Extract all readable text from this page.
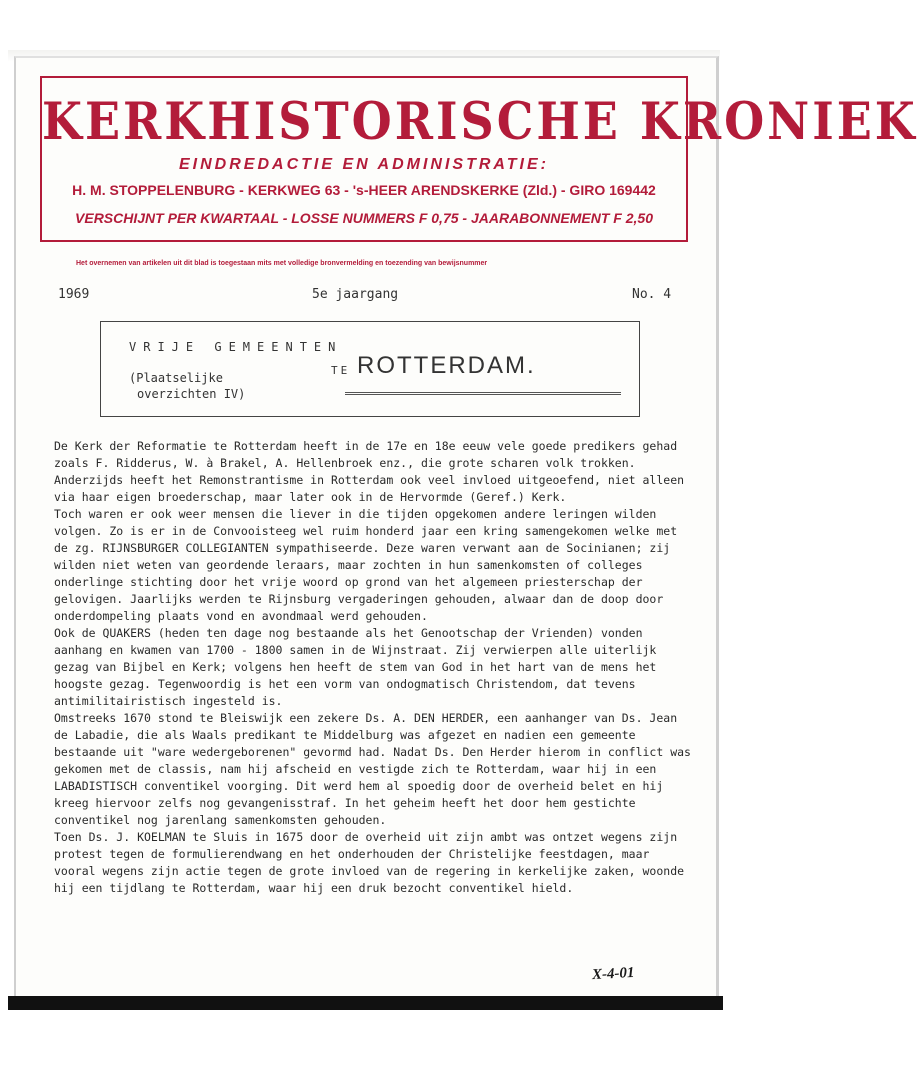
KERKHISTORISCHE KRONIEK
EINDREDACTIE EN ADMINISTRATIE:
H. M. STOPPELENBURG - KERKWEG 63 - 's-HEER ARENDSKERKE (Zld.) - GIRO 169442
VERSCHIJNT PER KWARTAAL - LOSSE NUMMERS F 0,75 - JAARABONNEMENT F 2,50
Het overnemen van artikelen uit dit blad is toegestaan mits met volledige bronvermelding en toezending van bewijsnummer
1969	5e jaargang	No. 4
VRIJE GEMEENTEN
TE ROTTERDAM.
(Plaatselijke
overzichten IV)

De Kerk der Reformatie te Rotterdam heeft in de 17e en 18e eeuw vele goede predikers gehad zoals F. Ridderus, W. à Brakel, A. Hellenbroek enz., die grote scharen volk trokken. Anderzijds heeft het Remonstrantisme in Rotterdam ook veel invloed uitgeoefend, niet alleen via haar eigen broederschap, maar later ook in de Hervormde (Geref.) Kerk.

Toch waren er ook weer mensen die liever in die tijden opgekomen andere leringen wilden volgen. Zo is er in de Convooisteeg wel ruim honderd jaar een kring samengekomen welke met de zg. RIJNSBURGER COLLEGIANTEN sympathiseerde. Deze waren verwant aan de Socinianen; zij wilden niet weten van geordende leraars, maar zochten in hun samenkomsten of colleges onderlinge stichting door het vrije woord op grond van het algemeen priesterschap der gelovigen. Jaarlijks werden te Rijnsburg vergaderingen gehouden, alwaar dan de doop door onderdompeling plaats vond en avondmaal werd gehouden.

Ook de QUAKERS (heden ten dage nog bestaande als het Genootschap der Vrienden) vonden aanhang en kwamen van 1700 - 1800 samen in de Wijnstraat. Zij verwierpen alle uiterlijk gezag van Bijbel en Kerk; volgens hen heeft de stem van God in het hart van de mens het hoogste gezag. Tegenwoordig is het een vorm van ondogmatisch Christendom, dat tevens antimilitairistisch ingesteld is.

Omstreeks 1670 stond te Bleiswijk een zekere Ds. A. DEN HERDER, een aanhanger van Ds. Jean de Labadie, die als Waals predikant te Middelburg was afgezet en nadien een gemeente bestaande uit "ware wedergeborenen" gevormd had. Nadat Ds. Den Herder hierom in conflict was gekomen met de classis, nam hij afscheid en vestigde zich te Rotterdam, waar hij in een LABADISTISCH conventikel voorging. Dit werd hem al spoedig door de overheid belet en hij kreeg hiervoor zelfs nog gevangenisstraf. In het geheim heeft het door hem gestichte conventikel nog jarenlang samenkomsten gehouden.

Toen Ds. J. KOELMAN te Sluis in 1675 door de overheid uit zijn ambt was ontzet wegens zijn protest tegen de formulierendwang en het onderhouden der Christelijke feestdagen, maar vooral wegens zijn actie tegen de grote invloed van de regering in kerkelijke zaken, woonde hij een tijdlang te Rotterdam, waar hij een druk bezocht conventikel hield.

X-4-01
